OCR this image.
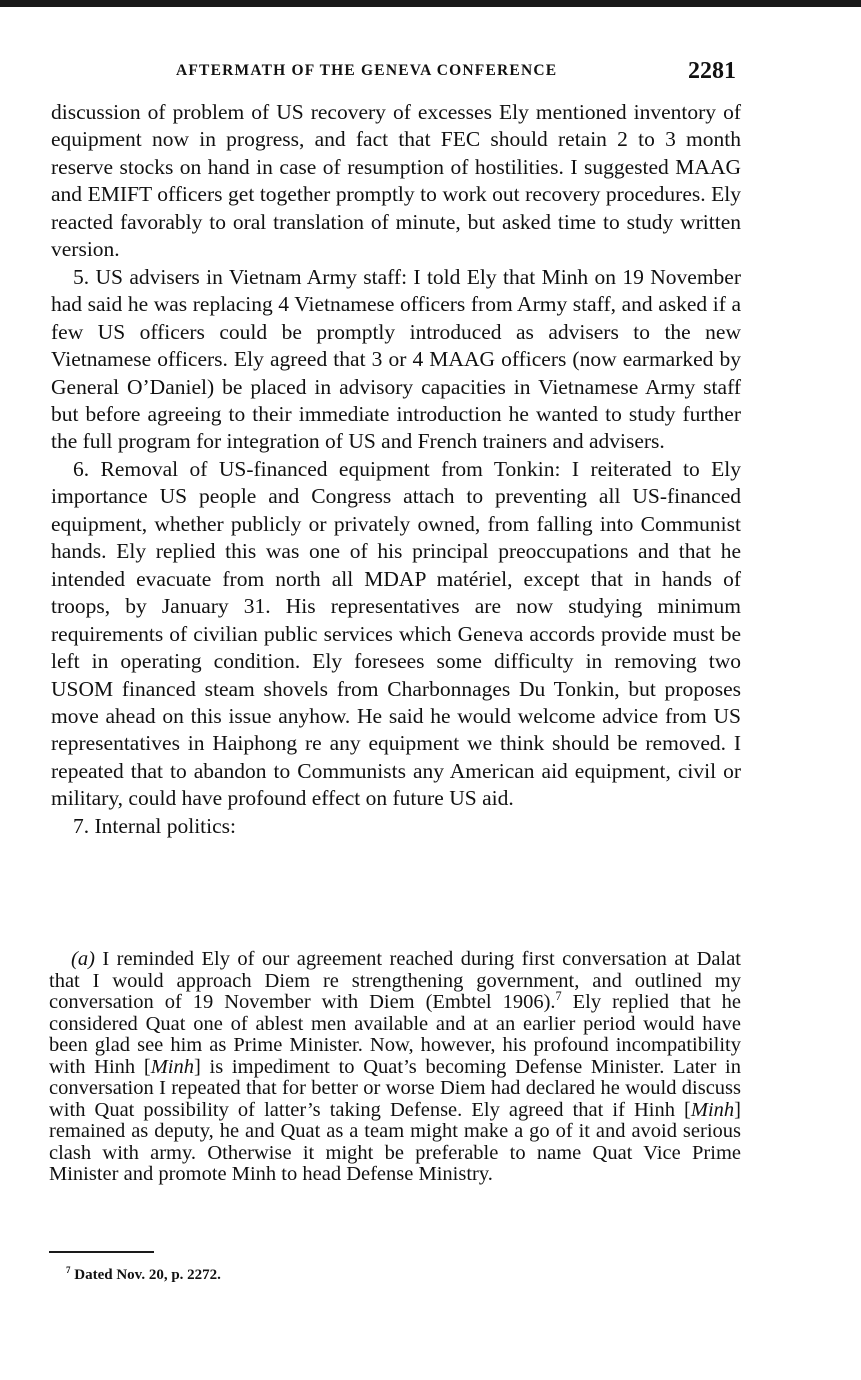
AFTERMATH OF THE GENEVA CONFERENCE	2281

discussion of problem of US recovery of excesses Ely mentioned inventory of equipment now in progress, and fact that FEC should retain 2 to 3 month reserve stocks on hand in case of resumption of hostilities. I suggested MAAG and EMIFT officers get together promptly to work out recovery procedures. Ely reacted favorably to oral translation of minute, but asked time to study written version.

5. US advisers in Vietnam Army staff: I told Ely that Minh on 19 November had said he was replacing 4 Vietnamese officers from Army staff, and asked if a few US officers could be promptly introduced as advisers to the new Vietnamese officers. Ely agreed that 3 or 4 MAAG officers (now earmarked by General O’Daniel) be placed in advisory capacities in Vietnamese Army staff but before agreeing to their immediate introduction he wanted to study further the full program for integration of US and French trainers and advisers.

6. Removal of US-financed equipment from Tonkin: I reiterated to Ely importance US people and Congress attach to preventing all US-financed equipment, whether publicly or privately owned, from falling into Communist hands. Ely replied this was one of his principal preoccupations and that he intended evacuate from north all MDAP matériel, except that in hands of troops, by January 31. His representatives are now studying minimum requirements of civilian public services which Geneva accords provide must be left in operating condition. Ely foresees some difficulty in removing two USOM financed steam shovels from Charbonnages Du Tonkin, but proposes move ahead on this issue anyhow. He said he would welcome advice from US representatives in Haiphong re any equipment we think should be removed. I repeated that to abandon to Communists any American aid equipment, civil or military, could have profound effect on future US aid.

7. Internal politics:

(a) I reminded Ely of our agreement reached during first conversation at Dalat that I would approach Diem re strengthening government, and outlined my conversation of 19 November with Diem (Embtel 1906).$^7$ Ely replied that he considered Quat one of ablest men available and at an earlier period would have been glad see him as Prime Minister. Now, however, his profound incompatibility with Hinh [Minh] is impediment to Quat’s becoming Defense Minister. Later in conversation I repeated that for better or worse Diem had declared he would discuss with Quat possibility of latter’s taking Defense. Ely agreed that if Hinh [Minh] remained as deputy, he and Quat as a team might make a go of it and avoid serious clash with army. Otherwise it might be preferable to name Quat Vice Prime Minister and promote Minh to head Defense Ministry.

$^7$ Dated Nov. 20, p. 2272.
